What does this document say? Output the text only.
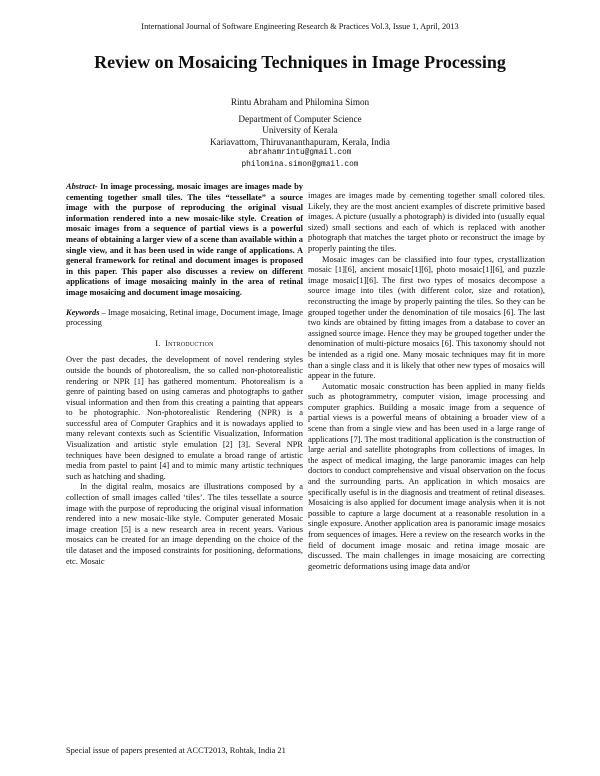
International Journal of Software Engineering Research & Practices Vol.3, Issue 1, April, 2013
Review on Mosaicing Techniques in Image Processing
Rintu Abraham and Philomina Simon
Department of Computer Science
University of Kerala
Kariavattom, Thiruvananthapuram, Kerala, India
abrahamrintu@gmail.com
philomina.simon@gmail.com

Abstract- In image processing, mosaic images are images made by cementing together small tiles. The tiles “tessellate” a source image with the purpose of reproducing the original visual information rendered into a new mosaic-like style. Creation of mosaic images from a sequence of partial views is a powerful means of obtaining a larger view of a scene than available within a single view, and it has been used in wide range of applications. A general framework for retinal and document images is proposed in this paper. This paper also discusses a review on different applications of image mosaicing mainly in the area of retinal image mosaicing and document image mosaicing.

Keywords – Image mosaicing, Retinal image, Document image, Image processing

I. Introduction

Over the past decades, the development of novel rendering styles outside the bounds of photorealism, the so called non-photorealistic rendering or NPR [1] has gathered momentum. Photorealism is a genre of painting based on using cameras and photographs to gather visual information and then from this creating a painting that appears to be photographic. Non-photorealistic Rendering (NPR) is a successful area of Computer Graphics and it is nowadays applied to many relevant contexts such as Scientific Visualization, Information Visualization and artistic style emulation [2] [3]. Several NPR techniques have been designed to emulate a broad range of artistic media from pastel to paint [4] and to mimic many artistic techniques such as hatching and shading.

In the digital realm, mosaics are illustrations composed by a collection of small images called ‘tiles’. The tiles tessellate a source image with the purpose of reproducing the original visual information rendered into a new mosaic-like style. Computer generated Mosaic image creation [5] is a new research area in recent years. Various mosaics can be created for an image depending on the choice of the tile dataset and the imposed constraints for positioning, deformations, etc. Mosaic

images are images made by cementing together small colored tiles. Likely, they are the most ancient examples of discrete primitive based images. A picture (usually a photograph) is divided into (usually equal sized) small sections and each of which is replaced with another photograph that matches the target photo or reconstruct the image by properly painting the tiles.

Mosaic images can be classified into four types, crystallization mosaic [1][6], ancient mosaic[1][6], photo mosaic[1][6], and puzzle image mosaic[1][6]. The first two types of mosaics decompose a source image into tiles (with different color, size and rotation), reconstructing the image by properly painting the tiles. So they can be grouped together under the denomination of tile mosaics [6]. The last two kinds are obtained by fitting images from a database to cover an assigned source image. Hence they may be grouped together under the denomination of multi-picture mosaics [6]. This taxonomy should not be intended as a rigid one. Many mosaic techniques may fit in more than a single class and it is likely that other new types of mosaics will appear in the future.

Automatic mosaic construction has been applied in many fields such as photogrammetry, computer vision, image processing and computer graphics. Building a mosaic image from a sequence of partial views is a powerful means of obtaining a broader view of a scene than from a single view and has been used in a large range of applications [7]. The most traditional application is the construction of large aerial and satellite photographs from collections of images. In the aspect of medical imaging, the large panoramic images can help doctors to conduct comprehensive and visual observation on the focus and the surrounding parts. An application in which mosaics are specifically useful is in the diagnosis and treatment of retinal diseases. Mosaicing is also applied for document image analysis when it is not possible to capture a large document at a reasonable resolution in a single exposure. Another application area is panoramic image mosaics from sequences of images. Here a review on the research works in the field of document image mosaic and retina image mosaic are discussed. The main challenges in image mosaicing are correcting geometric deformations using image data and/or

Special issue of papers presented at ACCT2013, Rohtak, India 21
